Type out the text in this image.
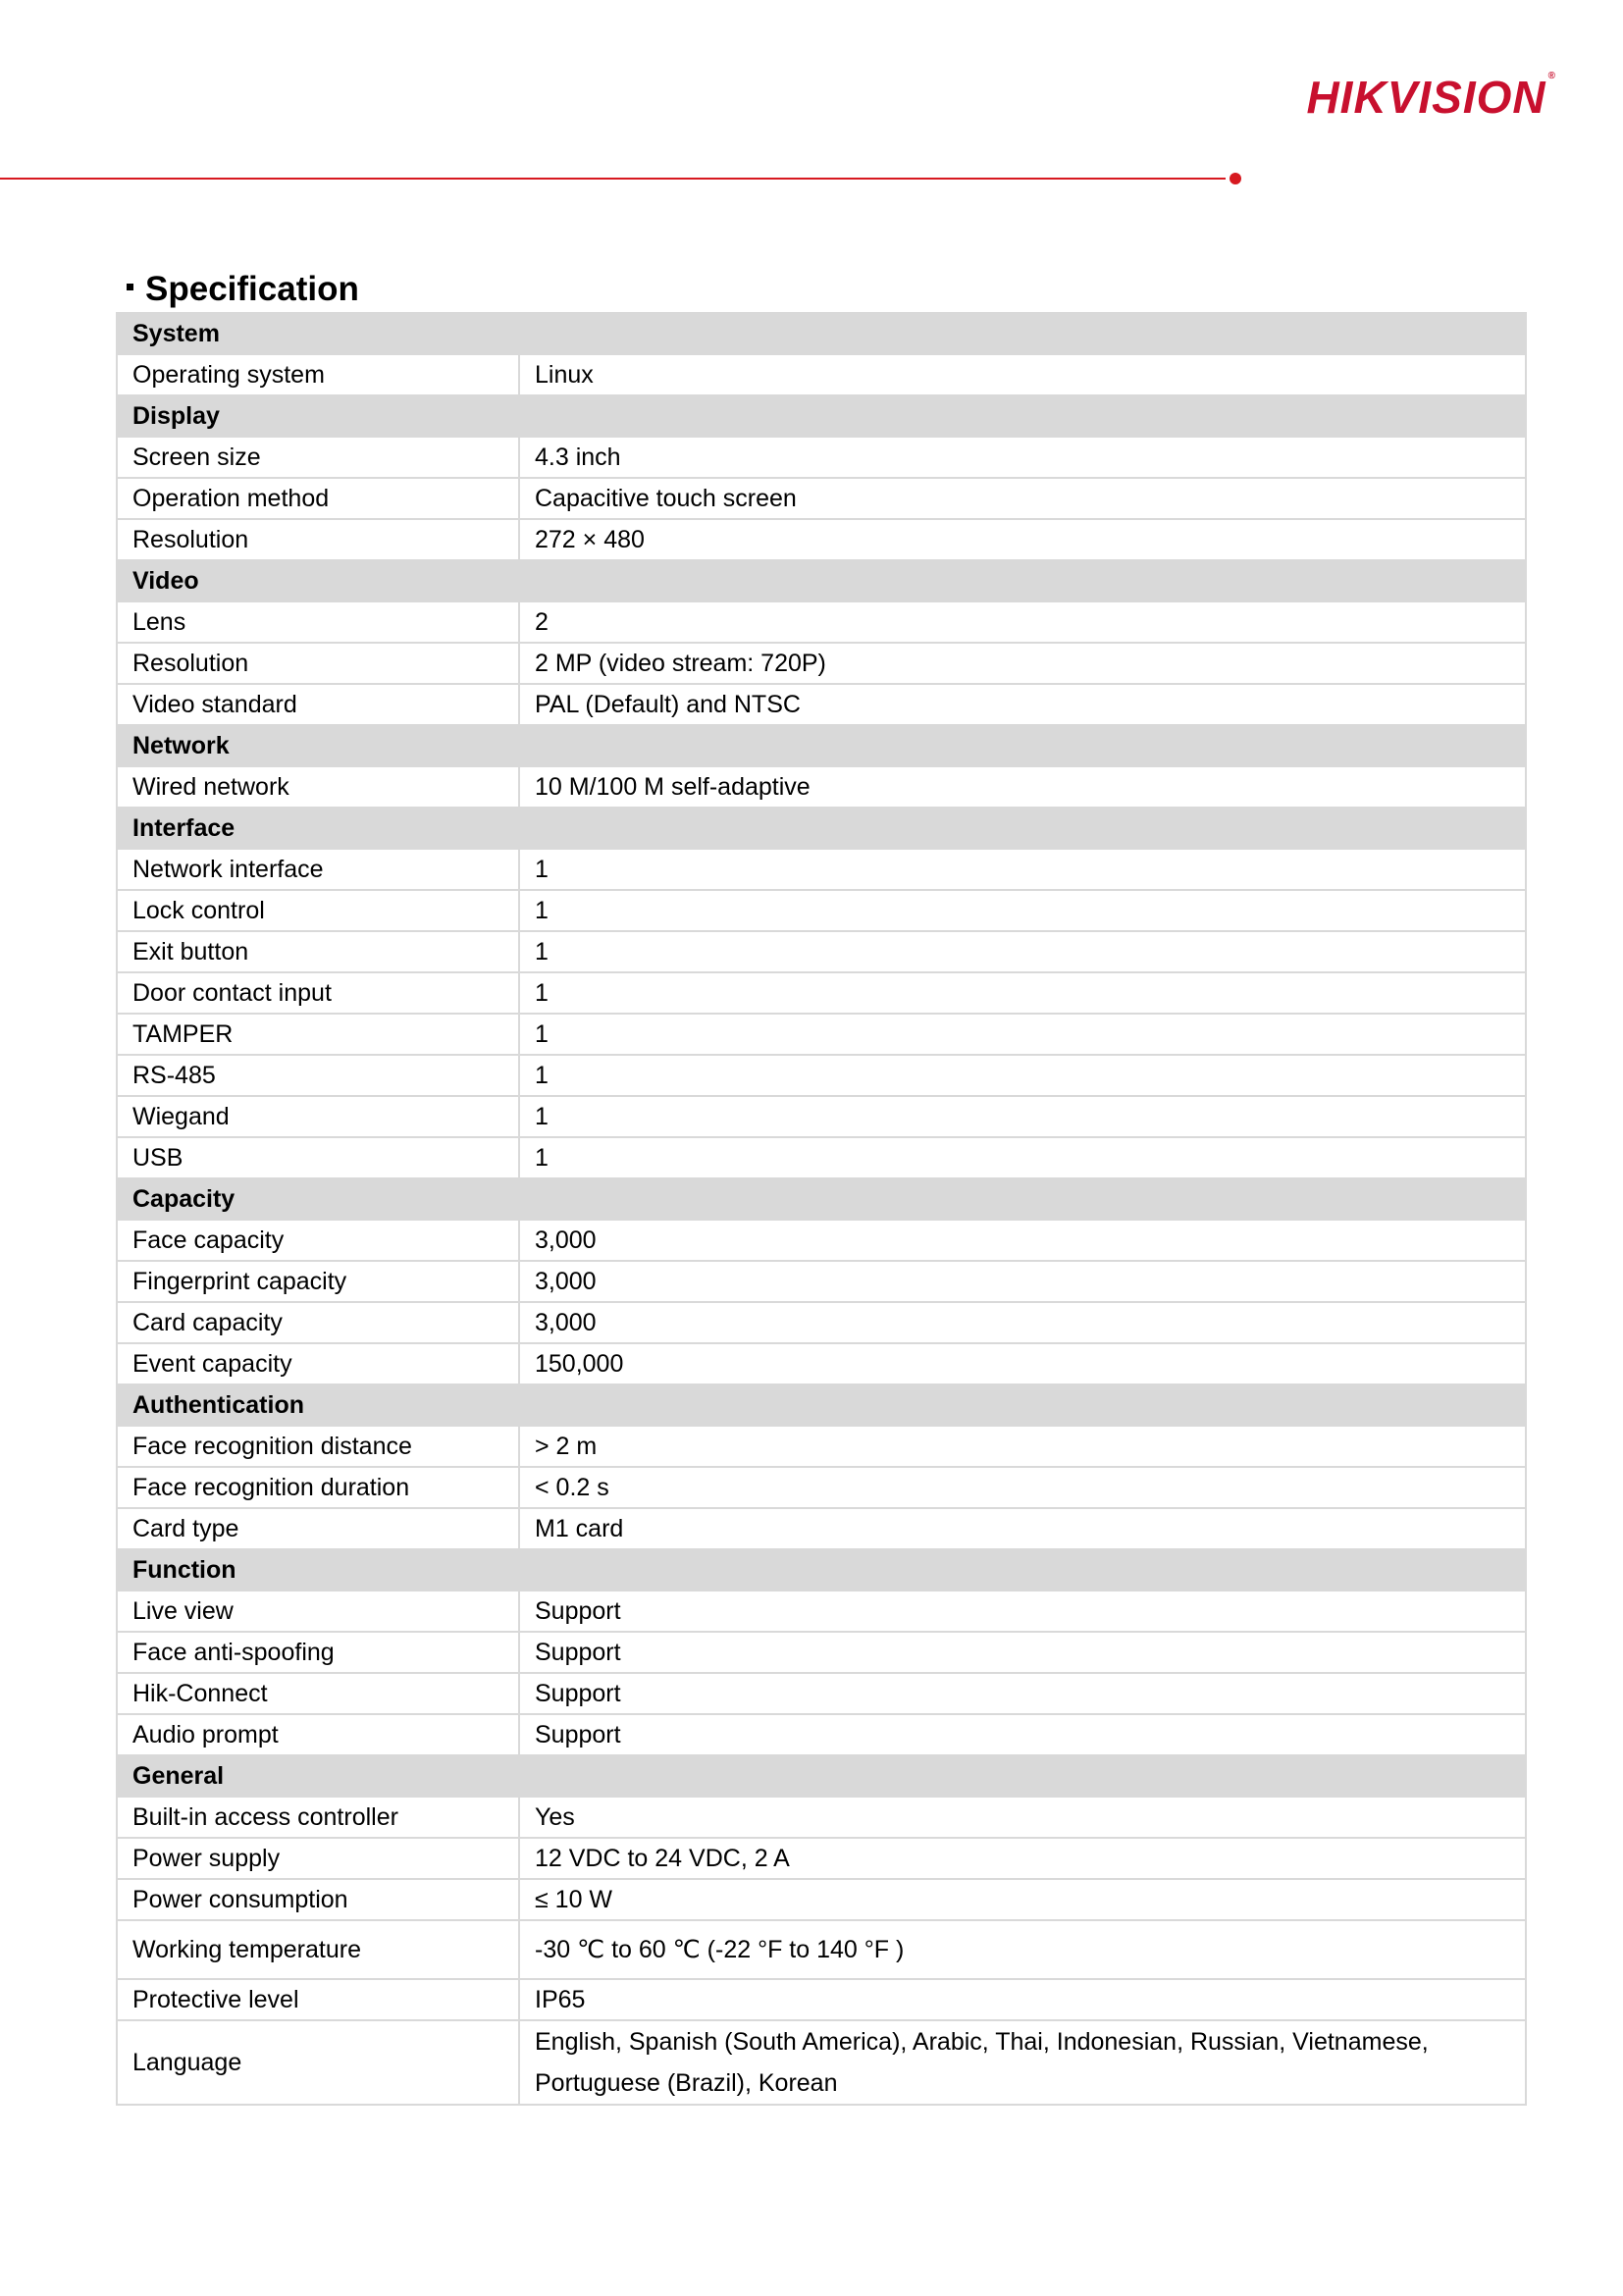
HIKVISION ®
Specification
System	
Operating system	Linux
Display	
Screen size	4.3 inch
Operation method	Capacitive touch screen
Resolution	272 × 480
Video	
Lens	2
Resolution	2 MP (video stream: 720P)
Video standard	PAL (Default) and NTSC
Network	
Wired network	10 M/100 M self-adaptive
Interface	
Network interface	1
Lock control	1
Exit button	1
Door contact input	1
TAMPER	1
RS-485	1
Wiegand	1
USB	1
Capacity	
Face capacity	3,000
Fingerprint capacity	3,000
Card capacity	3,000
Event capacity	150,000
Authentication	
Face recognition distance	> 2 m
Face recognition duration	< 0.2 s
Card type	M1 card
Function	
Live view	Support
Face anti-spoofing	Support
Hik-Connect	Support
Audio prompt	Support
General	
Built-in access controller	Yes
Power supply	12 VDC to 24 VDC, 2 A
Power consumption	≤ 10 W
Working temperature	-30 ℃ to 60 ℃ (-22 °F to 140 °F )
Protective level	IP65
Language	English, Spanish (South America), Arabic, Thai, Indonesian, Russian, Vietnamese, Portuguese (Brazil), Korean
